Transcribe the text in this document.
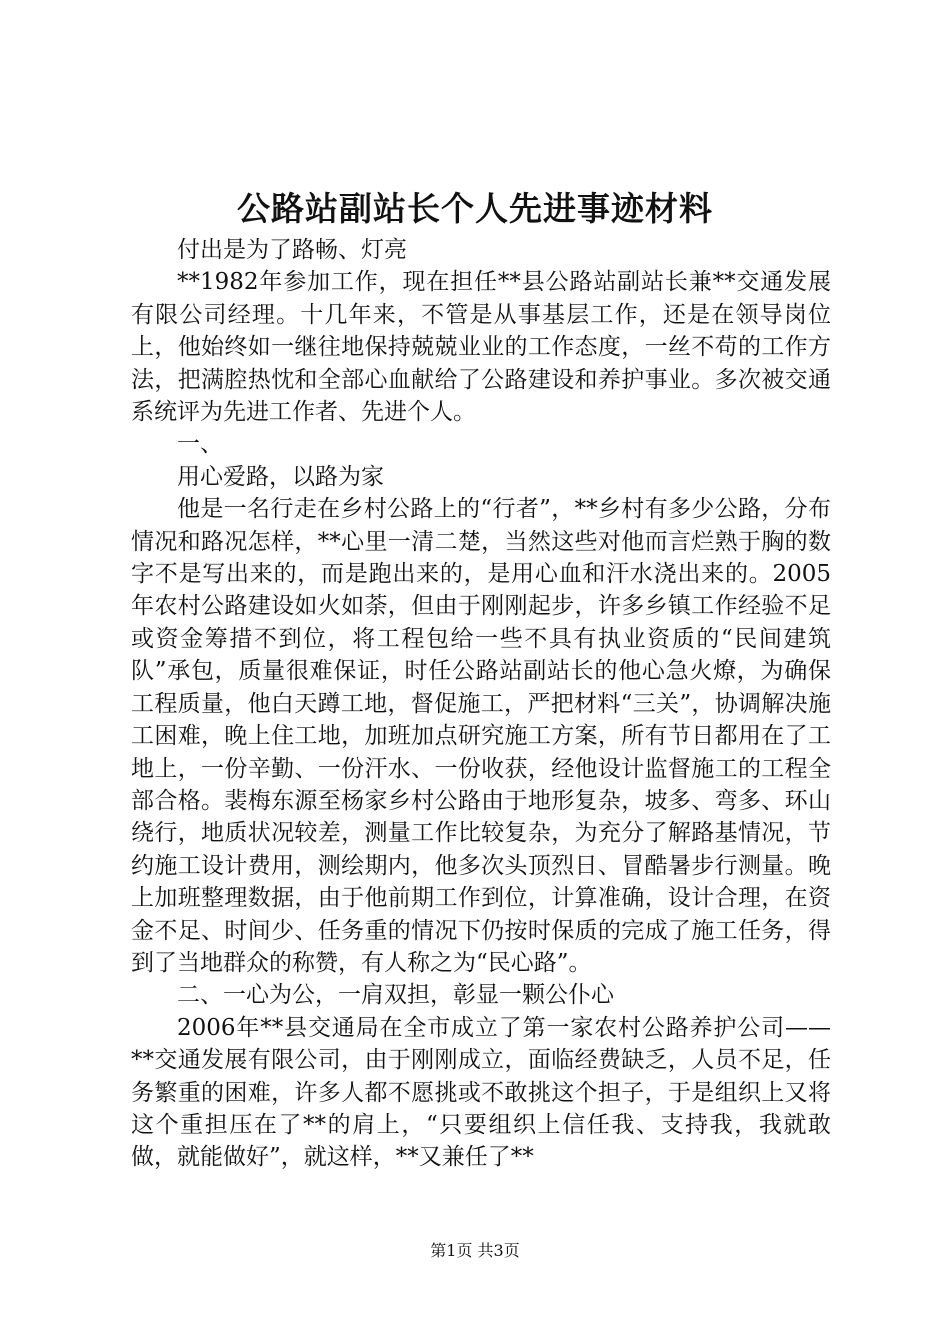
公路站副站长个人先进事迹材料

付出是为了路畅、灯亮

**1982年参加工作，现在担任**县公路站副站长兼**交通发展有限公司经理。十几年来，不管是从事基层工作，还是在领导岗位上，他始终如一继往地保持兢兢业业的工作态度，一丝不苟的工作方法，把满腔热忱和全部心血献给了公路建设和养护事业。多次被交通系统评为先进工作者、先进个人。

一、

用心爱路，以路为家

他是一名行走在乡村公路上的“行者”，**乡村有多少公路，分布情况和路况怎样，**心里一清二楚，当然这些对他而言烂熟于胸的数字不是写出来的，而是跑出来的，是用心血和汗水浇出来的。2005年农村公路建设如火如荼，但由于刚刚起步，许多乡镇工作经验不足或资金筹措不到位，将工程包给一些不具有执业资质的“民间建筑队”承包，质量很难保证，时任公路站副站长的他心急火燎，为确保工程质量，他白天蹲工地，督促施工，严把材料“三关”，协调解决施工困难，晚上住工地，加班加点研究施工方案，所有节日都用在了工地上，一份辛勤、一份汗水、一份收获，经他设计监督施工的工程全部合格。裴梅东源至杨家乡村公路由于地形复杂，坡多、弯多、环山绕行，地质状况较差，测量工作比较复杂，为充分了解路基情况，节约施工设计费用，测绘期内，他多次头顶烈日、冒酷暑步行测量。晚上加班整理数据，由于他前期工作到位，计算准确，设计合理，在资金不足、时间少、任务重的情况下仍按时保质的完成了施工任务，得到了当地群众的称赞，有人称之为“民心路”。

二、一心为公，一肩双担，彰显一颗公仆心

2006年**县交通局在全市成立了第一家农村公路养护公司——**交通发展有限公司，由于刚刚成立，面临经费缺乏，人员不足，任务繁重的困难，许多人都不愿挑或不敢挑这个担子，于是组织上又将这个重担压在了**的肩上，“只要组织上信任我、支持我，我就敢做，就能做好”，就这样，**又兼任了**

第1页 共3页
